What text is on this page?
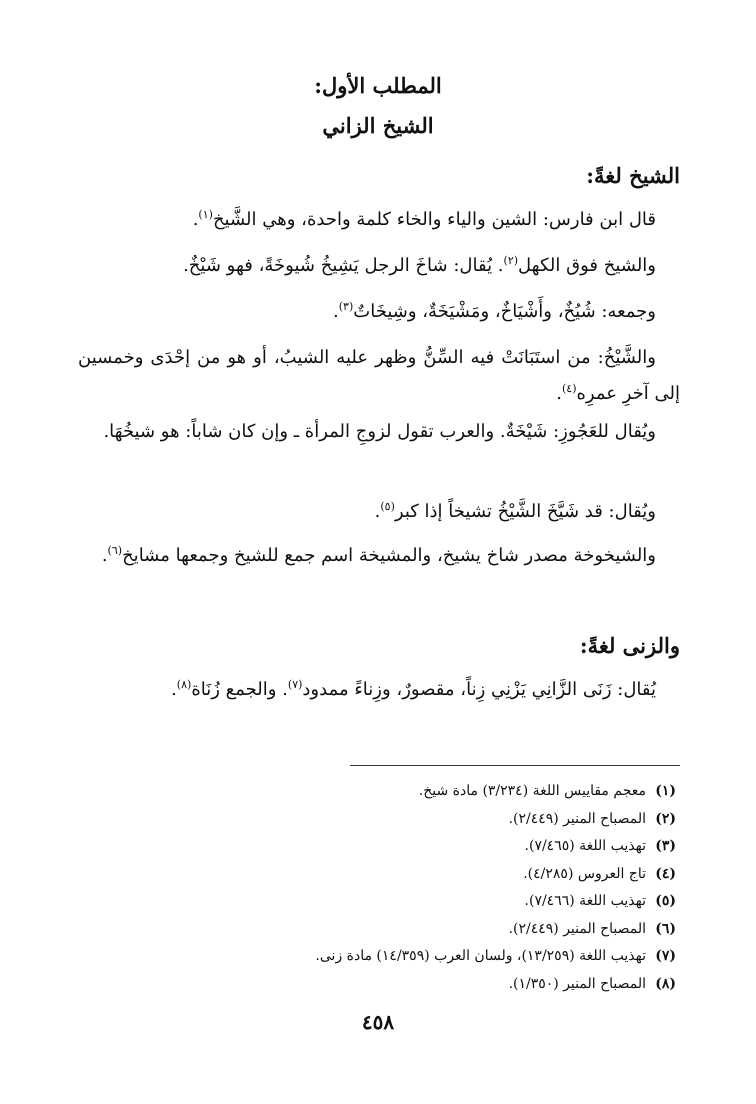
المطلب الأول:
الشيخ الزاني
الشيخ لغةً:

قال ابن فارس: الشين والياء والخاء كلمة واحدة، وهي الشَّيخ$^{(١)}$.

والشيخ فوق الكهل$^{(٢)}$. يُقال: شاخَ الرجل يَشِيخُ شُيوخَةً، فهو شَيْخٌ.

وجمعه: شُيُخٌ، وأَشْيَاخٌ، ومَشْيَخَةٌ، وشِيخَاتٌ$^{(٣)}$.

والشَّيْخُ: من استَبَانَتْ فيه السِّنُّ وظهر عليه الشيبُ، أو هو من إحْدَى وخمسين إلى آخرِ عمرِه$^{(٤)}$.

ويُقال للعَجُوزِ: شَيْخَةٌ. والعرب تقول لزوجِ المرأة ـ وإن كان شاباً: هو شيخُهَا.

ويُقال: قد شَيَّخَ الشَّيْخُ تشيخاً إذا كبر$^{(٥)}$.

والشيخوخة مصدر شاخ يشيخ، والمشيخة اسم جمع للشيخ وجمعها مشايخ$^{(٦)}$.

والزنى لغةً:

يُقال: زَنَى الزَّانِي يَزْنِي زِناً، مقصورٌ، وزِناءً ممدود$^{(٧)}$. والجمع زُنَاة$^{(٨)}$.

(١)معجم مقاييس اللغة (٣/٢٣٤) مادة شيخ.
(٢)المصباح المنير (٢/٤٤٩).
(٣)تهذيب اللغة (٧/٤٦٥).
(٤)تاج العروس (٤/٢٨٥).
(٥)تهذيب اللغة (٧/٤٦٦).
(٦)المصباح المنير (٢/٤٤٩).
(٧)تهذيب اللغة (١٣/٢٥٩)، ولسان العرب (١٤/٣٥٩) مادة زنى.
(٨)المصباح المنير (١/٣٥٠).
٤٥٨
